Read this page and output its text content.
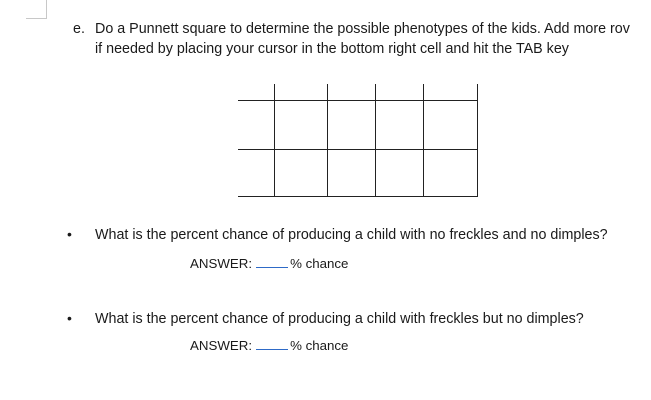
e. Do a Punnett square to determine the possible phenotypes of the kids. Add more rov
if needed by placing your cursor in the bottom right cell and hit the TAB key

• What is the percent chance of producing a child with no freckles and no dimples?
ANSWER:	% chance
• What is the percent chance of producing a child with freckles but no dimples?
ANSWER:	% chance
